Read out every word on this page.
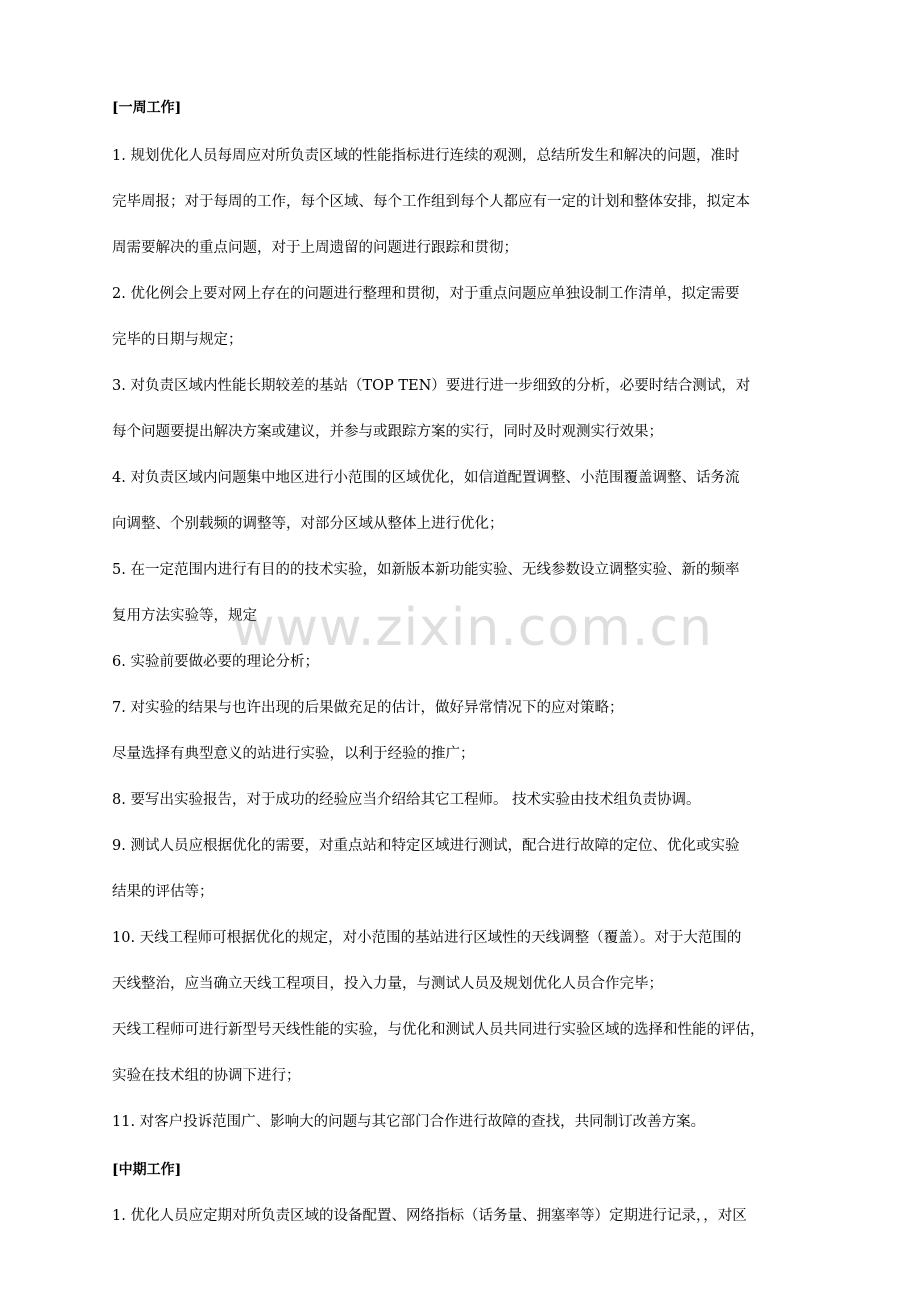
[一周工作]
1. 规划优化人员每周应对所负责区域的性能指标进行连续的观测，总结所发生和解决的问题，准时
完毕周报；对于每周的工作，每个区域、每个工作组到每个人都应有一定的计划和整体安排，拟定本
周需要解决的重点问题，对于上周遗留的问题进行跟踪和贯彻；
2. 优化例会上要对网上存在的问题进行整理和贯彻，对于重点问题应单独设制工作清单，拟定需要
完毕的日期与规定；
3. 对负责区域内性能长期较差的基站（TOP TEN）要进行进一步细致的分析，必要时结合测试，对
每个问题要提出解决方案或建议，并参与或跟踪方案的实行，同时及时观测实行效果；
4. 对负责区域内问题集中地区进行小范围的区域优化，如信道配置调整、小范围覆盖调整、话务流
向调整、个别载频的调整等，对部分区域从整体上进行优化；
5. 在一定范围内进行有目的的技术实验，如新版本新功能实验、无线参数设立调整实验、新的频率
复用方法实验等，规定
6. 实验前要做必要的理论分析；
7. 对实验的结果与也许出现的后果做充足的估计，做好异常情况下的应对策略；
尽量选择有典型意义的站进行实验，以利于经验的推广；
8. 要写出实验报告，对于成功的经验应当介绍给其它工程师。 技术实验由技术组负责协调。
9. 测试人员应根据优化的需要，对重点站和特定区域进行测试，配合进行故障的定位、优化或实验
结果的评估等；
10. 天线工程师可根据优化的规定，对小范围的基站进行区域性的天线调整（覆盖）。对于大范围的
天线整治，应当确立天线工程项目，投入力量，与测试人员及规划优化人员合作完毕；
天线工程师可进行新型号天线性能的实验，与优化和测试人员共同进行实验区域的选择和性能的评估，
实验在技术组的协调下进行；
11. 对客户投诉范围广、影响大的问题与其它部门合作进行故障的查找，共同制订改善方案。
[中期工作]
1. 优化人员应定期对所负责区域的设备配置、网络指标（话务量、拥塞率等）定期进行记录，，对区
www.zixin.com.cn
